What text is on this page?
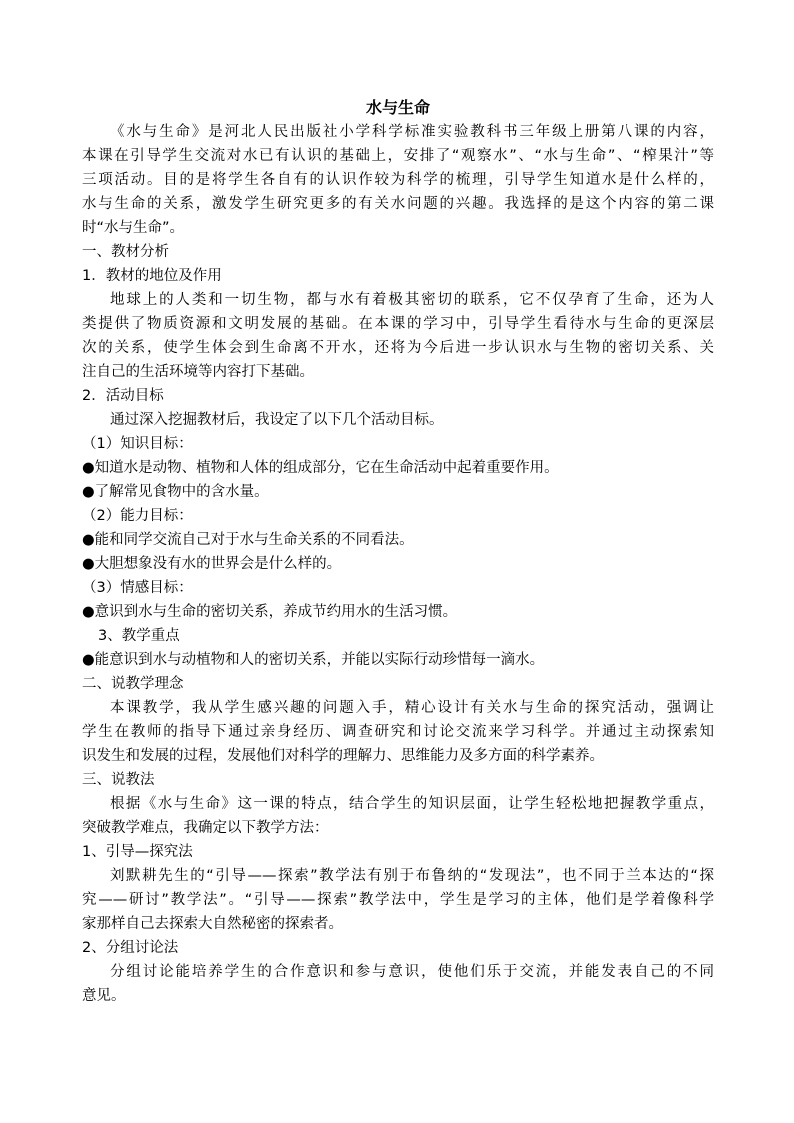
水与生命

《水与生命》是河北人民出版社小学科学标准实验教科书三年级上册第八课的内容，

本课在引导学生交流对水已有认识的基础上，安排了“观察水”、“水与生命”、“榨果汁”等

三项活动。目的是将学生各自有的认识作较为科学的梳理，引导学生知道水是什么样的，

水与生命的关系，激发学生研究更多的有关水问题的兴趣。我选择的是这个内容的第二课

时“水与生命”。

一、教材分析

1．教材的地位及作用

地球上的人类和一切生物，都与水有着极其密切的联系，它不仅孕育了生命，还为人

类提供了物质资源和文明发展的基础。在本课的学习中，引导学生看待水与生命的更深层

次的关系，使学生体会到生命离不开水，还将为今后进一步认识水与生物的密切关系、关

注自己的生活环境等内容打下基础。

2．活动目标

通过深入挖掘教材后，我设定了以下几个活动目标。

（1）知识目标：

●知道水是动物、植物和人体的组成部分，它在生命活动中起着重要作用。

●了解常见食物中的含水量。

（2）能力目标：

●能和同学交流自己对于水与生命关系的不同看法。

●大胆想象没有水的世界会是什么样的。

（3）情感目标：

●意识到水与生命的密切关系，养成节约用水的生活习惯。

3、教学重点

●能意识到水与动植物和人的密切关系，并能以实际行动珍惜每一滴水。

二、说教学理念

本课教学，我从学生感兴趣的问题入手，精心设计有关水与生命的探究活动，强调让

学生在教师的指导下通过亲身经历、调查研究和讨论交流来学习科学。并通过主动探索知

识发生和发展的过程，发展他们对科学的理解力、思维能力及多方面的科学素养。

三、说教法

根据《水与生命》这一课的特点，结合学生的知识层面，让学生轻松地把握教学重点，

突破教学难点，我确定以下教学方法：

1、引导—探究法

刘默耕先生的“引导——探索”教学法有别于布鲁纳的“发现法”，也不同于兰本达的“探

究——研讨”教学法”。“引导——探索”教学法中，学生是学习的主体，他们是学着像科学

家那样自己去探索大自然秘密的探索者。

2、分组讨论法

分组讨论能培养学生的合作意识和参与意识，使他们乐于交流，并能发表自己的不同

意见。
